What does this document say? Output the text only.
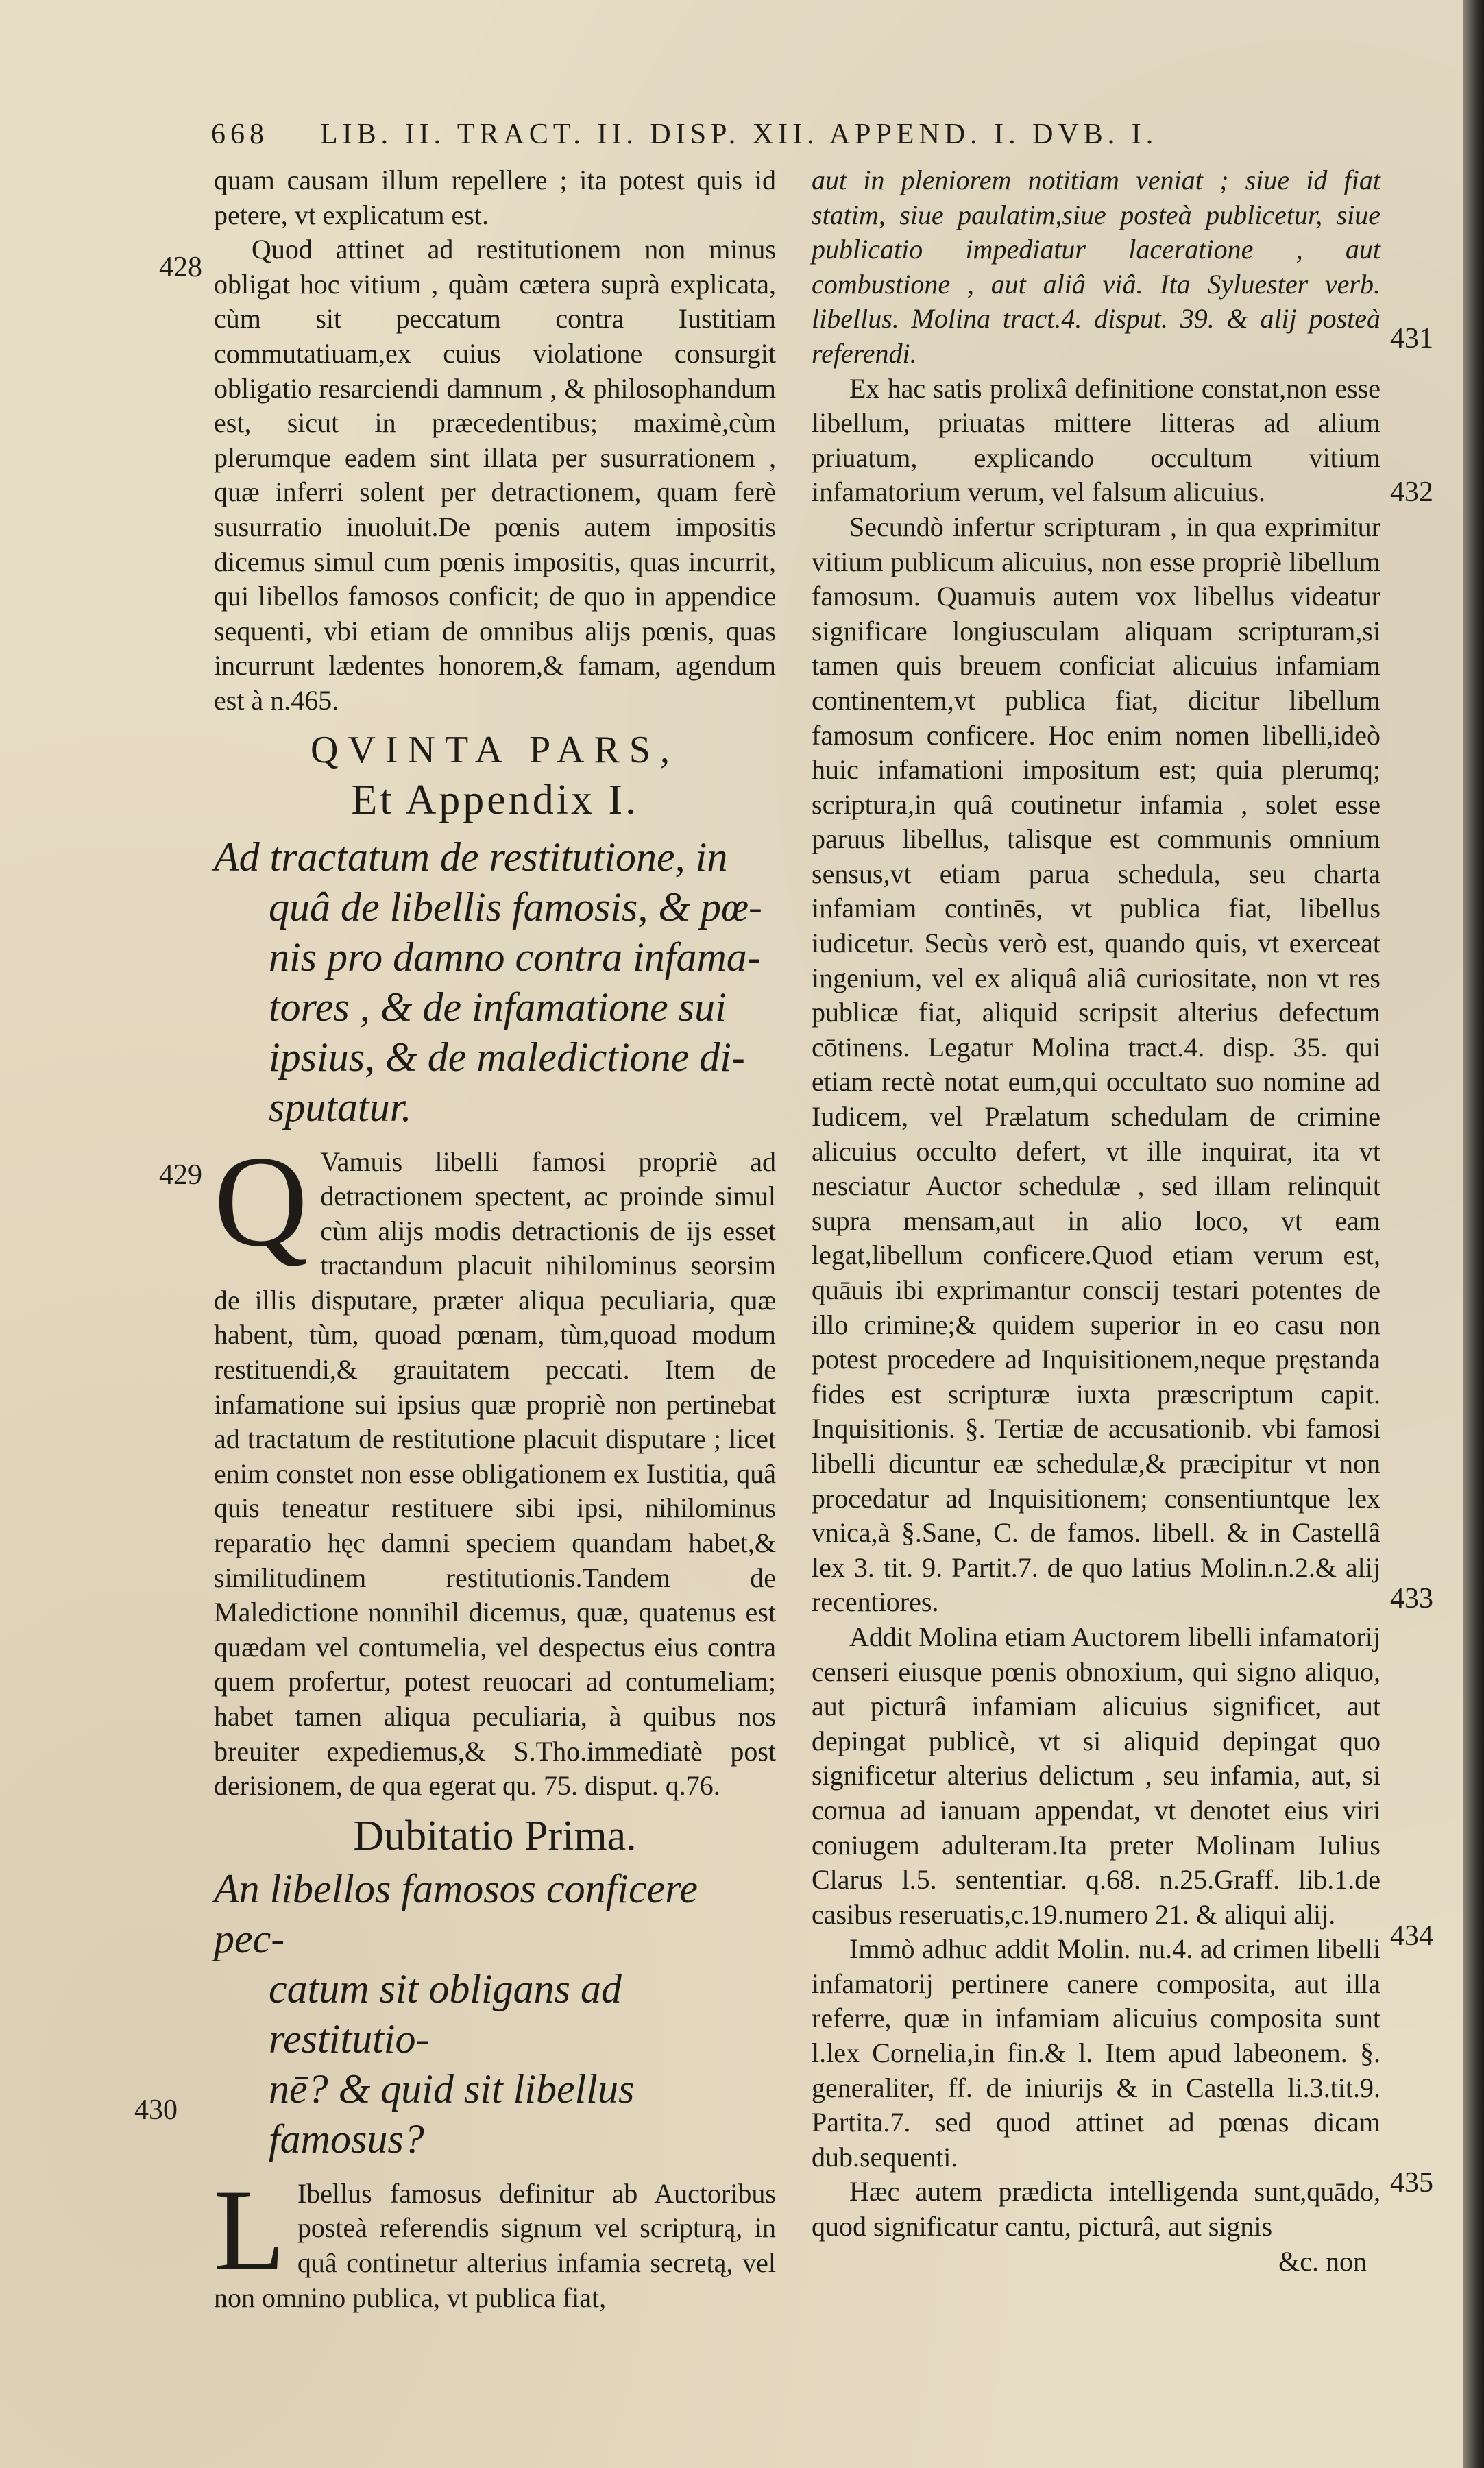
668 LIB. II. TRACT. II. DISP. XII. APPEND. I. DVB. I.
428
429
430
431
432
433
434
435

quam causam illum repellere ; ita potest quis id petere, vt explicatum est.

Quod attinet ad restitutionem non minus obligat hoc vitium , quàm cætera suprà explicata, cùm sit peccatum contra Iustitiam commutatiuam,ex cuius violatione consurgit obligatio resarciendi damnum , & philosophandum est, sicut in præcedentibus; maximè,cùm plerumque eadem sint illata per susurrationem , quæ inferri solent per detractionem, quam ferè susurratio inuoluit.De pœnis autem impositis dicemus simul cum pœnis impositis, quas incurrit, qui libellos famosos conficit; de quo in appendice sequenti, vbi etiam de omnibus alijs pœnis, quas incurrunt lædentes honorem,& famam, agendum est à n.465.

QVINTA PARS,

Et Appendix I.

Ad tractatum de restitutione, in
quâ de libellis famosis, & pœ-
nis pro damno contra infama-
tores , & de infamatione sui
ipsius, & de maledictione di-
sputatur.

Q Vamuis libelli famosi propriè ad detractionem spectent, ac proinde simul cùm alijs modis detractionis de ijs esset tractandum placuit nihilominus seorsim de illis disputare, præter aliqua peculiaria, quæ habent, tùm, quoad pœnam, tùm,quoad modum restituendi,& grauitatem peccati. Item de infamatione sui ipsius quæ propriè non pertinebat ad tractatum de restitutione placuit disputare ; licet enim constet non esse obligationem ex Iustitia, quâ quis teneatur restituere sibi ipsi, nihilominus reparatio hęc damni speciem quandam habet,& similitudinem restitutionis.Tandem de Maledictione nonnihil dicemus, quæ, quatenus est quædam vel contumelia, vel despectus eius contra quem profertur, potest reuocari ad contumeliam; habet tamen aliqua peculiaria, à quibus nos breuiter expediemus,& S.Tho.immediatè post derisionem, de qua egerat qu. 75. disput. q.76.

Dubitatio Prima.

An libellos famosos conficere pec-
catum sit obligans ad restitutio-
nē? & quid sit libellus famosus?

L Ibellus famosus definitur ab Auctoribus posteà referendis signum vel scripturą, in quâ continetur alterius infamia secretą, vel non omnino publica, vt publica fiat,

aut in pleniorem notitiam veniat ; siue id fiat statim, siue paulatim,siue posteà publicetur, siue publicatio impediatur laceratione , aut combustione , aut aliâ viâ. Ita Syluester verb. libellus. Molina tract.4. disput. 39. & alij posteà referendi.

Ex hac satis prolixâ definitione constat,non esse libellum, priuatas mittere litteras ad alium priuatum, explicando occultum vitium infamatorium verum, vel falsum alicuius.

Secundò infertur scripturam , in qua exprimitur vitium publicum alicuius, non esse propriè libellum famosum. Quamuis autem vox libellus videatur significare longiusculam aliquam scripturam,si tamen quis breuem conficiat alicuius infamiam continentem,vt publica fiat, dicitur libellum famosum conficere. Hoc enim nomen libelli,ideò huic infamationi impositum est; quia plerumq; scriptura,in quâ coutinetur infamia , solet esse paruus libellus, talisque est communis omnium sensus,vt etiam parua schedula, seu charta infamiam continēs, vt publica fiat, libellus iudicetur. Secùs verò est, quando quis, vt exerceat ingenium, vel ex aliquâ aliâ curiositate, non vt res publicæ fiat, aliquid scripsit alterius defectum cōtinens. Legatur Molina tract.4. disp. 35. qui etiam rectè notat eum,qui occultato suo nomine ad Iudicem, vel Prælatum schedulam de crimine alicuius occulto defert, vt ille inquirat, ita vt nesciatur Auctor schedulæ , sed illam relinquit supra mensam,aut in alio loco, vt eam legat,libellum conficere.Quod etiam verum est, quāuis ibi exprimantur conscij testari potentes de illo crimine;& quidem superior in eo casu non potest procedere ad Inquisitionem,neque pręstanda fides est scripturæ iuxta præscriptum capit. Inquisitionis. §. Tertiæ de accusationib. vbi famosi libelli dicuntur eæ schedulæ,& præcipitur vt non procedatur ad Inquisitionem; consentiuntque lex vnica,à §.Sane, C. de famos. libell. & in Castellâ lex 3. tit. 9. Partit.7. de quo latius Molin.n.2.& alij recentiores.

Addit Molina etiam Auctorem libelli infamatorij censeri eiusque pœnis obnoxium, qui signo aliquo, aut picturâ infamiam alicuius significet, aut depingat publicè, vt si aliquid depingat quo significetur alterius delictum , seu infamia, aut, si cornua ad ianuam appendat, vt denotet eius viri coniugem adulteram.Ita preter Molinam Iulius Clarus l.5. sententiar. q.68. n.25.Graff. lib.1.de casibus reseruatis,c.19.numero 21. & aliqui alij.

Immò adhuc addit Molin. nu.4. ad crimen libelli infamatorij pertinere canere composita, aut illa referre, quæ in infamiam alicuius composita sunt l.lex Cornelia,in fin.& l. Item apud labeonem. §. generaliter, ff. de iniurijs & in Castella li.3.tit.9. Partita.7. sed quod attinet ad pœnas dicam dub.sequenti.

Hæc autem prædicta intelligenda sunt,quādo, quod significatur cantu, picturâ, aut signis

&c. non
